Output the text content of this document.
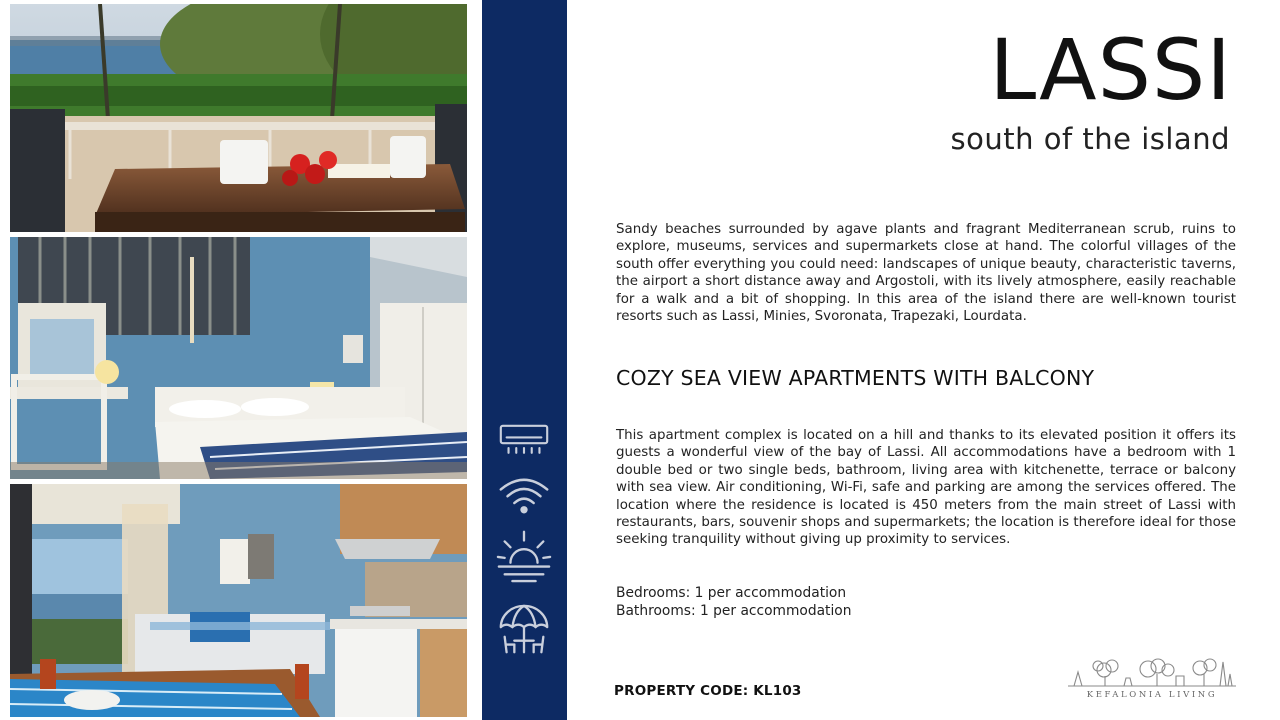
LASSI

south of the island

Sandy beaches surrounded by agave plants and fragrant Mediterranean scrub, ruins to explore, museums, services and supermarkets close at hand. The colorful villages of the south offer everything you could need: landscapes of unique beauty, characteristic taverns, the airport a short distance away and Argostoli, with its lively atmosphere, easily reachable for a walk and a bit of shopping. In this area of the island there are well-known tourist resorts such as Lassi, Minies, Svoronata, Trapezaki, Lourdata.

COZY SEA VIEW APARTMENTS WITH BALCONY

This apartment complex is located on a hill and thanks to its elevated position it offers its guests a wonderful view of the bay of Lassi. All accommodations have a bedroom with 1 double bed or two single beds, bathroom, living area with kitchenette, terrace or balcony with sea view. Air conditioning, Wi-Fi, safe and parking are among the services offered. The location where the residence is located is 450 meters from the main street of Lassi with restaurants, bars, souvenir shops and supermarkets; the location is therefore ideal for those seeking tranquility without giving up proximity to services.

Bedrooms: 1 per accommodation
Bathrooms: 1 per accommodation
PROPERTY CODE: KL103	KEFALONIA LIVING
